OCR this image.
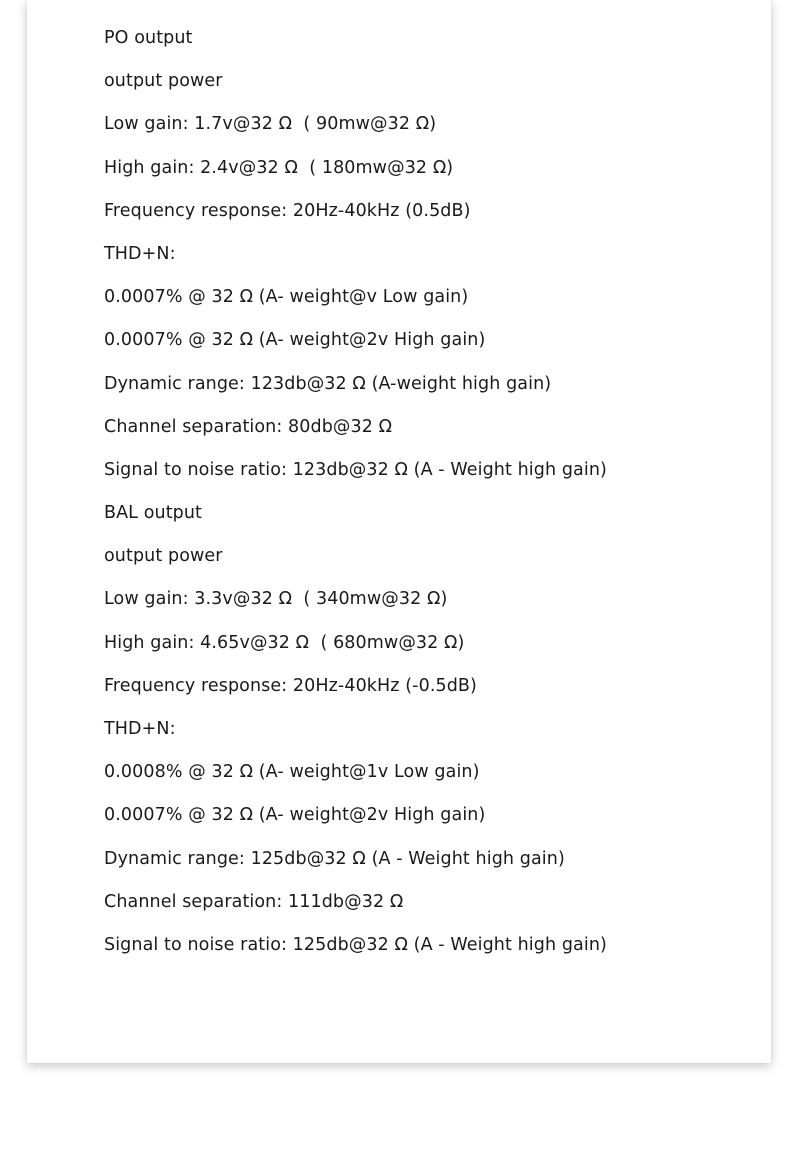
PO output
output power
Low gain: 1.7v@32 Ω  ( 90mw@32 Ω)
High gain: 2.4v@32 Ω  ( 180mw@32 Ω)
Frequency response: 20Hz-40kHz (0.5dB)
THD+N:
0.0007% @ 32 Ω (A- weight@v Low gain)
0.0007% @ 32 Ω (A- weight@2v High gain)
Dynamic range: 123db@32 Ω (A-weight high gain)
Channel separation: 80db@32 Ω
Signal to noise ratio: 123db@32 Ω (A - Weight high gain)
BAL output
output power
Low gain: 3.3v@32 Ω  ( 340mw@32 Ω)
High gain: 4.65v@32 Ω  ( 680mw@32 Ω)
Frequency response: 20Hz-40kHz (-0.5dB)
THD+N:
0.0008% @ 32 Ω (A- weight@1v Low gain)
0.0007% @ 32 Ω (A- weight@2v High gain)
Dynamic range: 125db@32 Ω (A - Weight high gain)
Channel separation: 111db@32 Ω
Signal to noise ratio: 125db@32 Ω (A - Weight high gain)
